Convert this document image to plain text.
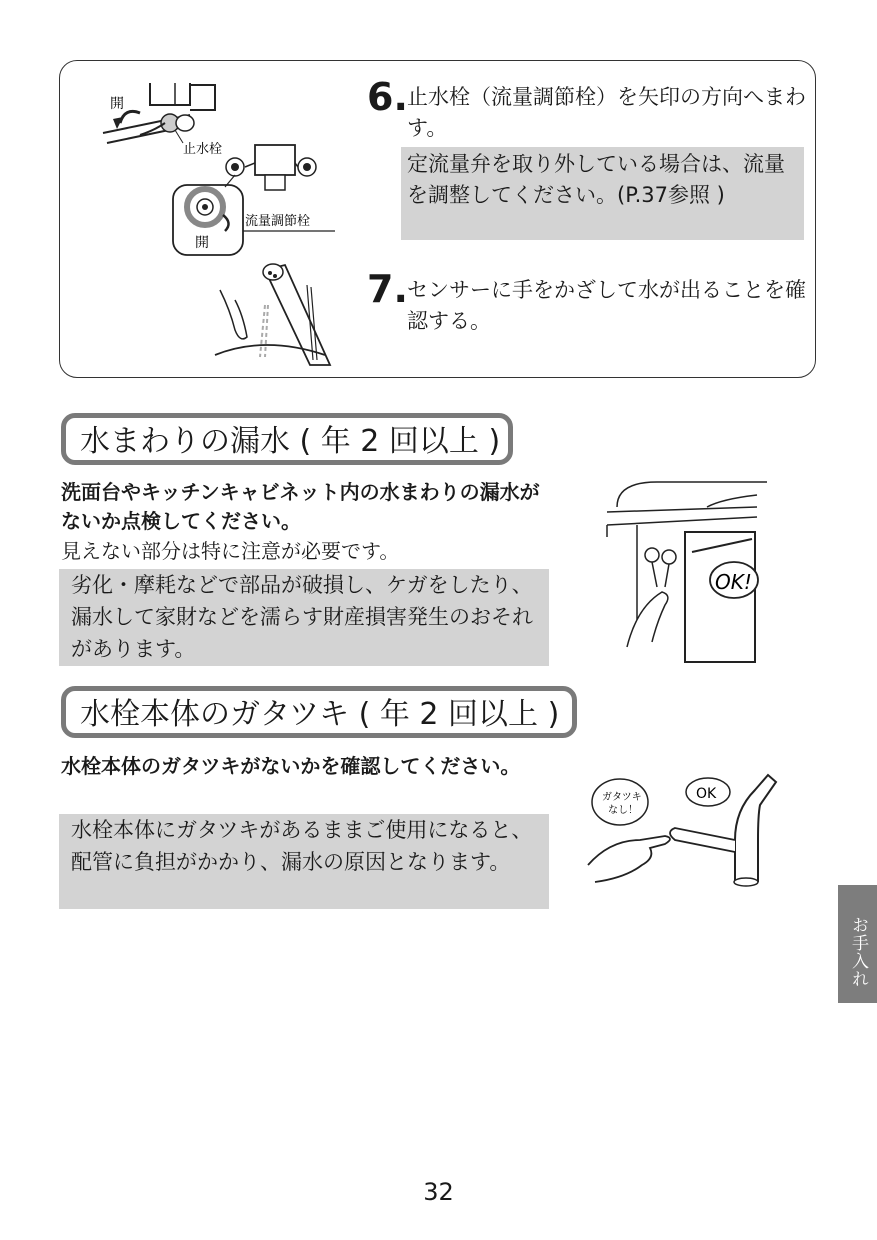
開
止水栓
開
流量調節栓
6. 止水栓（流量調節栓）を矢印の方向へまわす。
定流量弁を取り外している場合は、流量を調整してください。(P.37参照 )
7. センサーに手をかざして水が出ることを確認する。
水まわりの漏水 ( 年 2 回以上 )
洗面台やキッチンキャビネット内の水まわりの漏水がないか点検してください。
見えない部分は特に注意が必要です。
劣化・摩耗などで部品が破損し、ケガをしたり、漏水して家財などを濡らす財産損害発生のおそれがあります。
OK!
水栓本体のガタツキ ( 年 2 回以上 )
水栓本体のガタツキがないかを確認してください。
水栓本体にガタツキがあるままご使用になると、配管に負担がかかり、漏水の原因となります。
ガタツキ
なし！
OK
お手入れ
32
